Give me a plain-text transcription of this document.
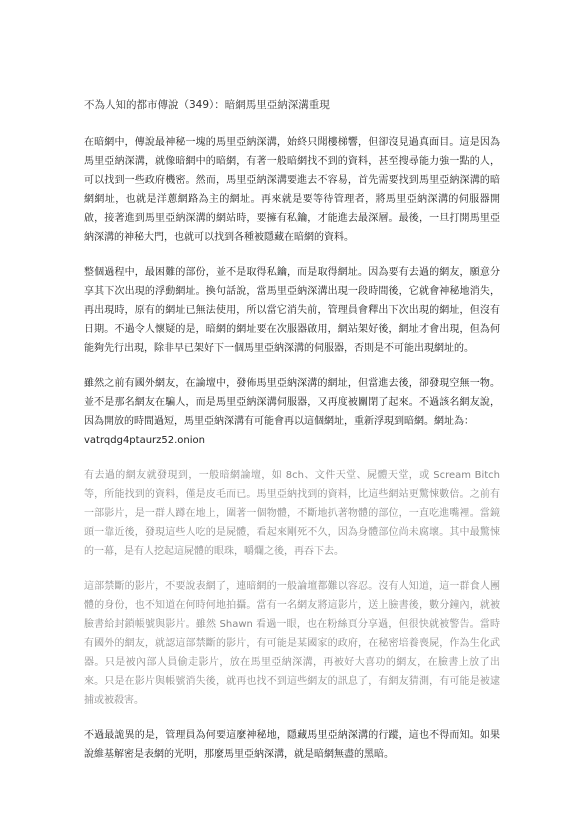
不為人知的都市傳說（349）：暗網馬里亞納深溝重現

在暗網中，傳說最神秘一塊的馬里亞納深溝，始終只聞樓梯響，但卻沒見過真面目。這是因為馬里亞納深溝，就像暗網中的暗網，有著一般暗網找不到的資料，甚至搜尋能力強一點的人，可以找到一些政府機密。然而，馬里亞納深溝要進去不容易，首先需要找到馬里亞納深溝的暗網網址，也就是洋蔥網路為主的網址。再來就是要等待管理者，將馬里亞納深溝的伺服器開啟，接著進到馬里亞納深溝的網站時，要擁有私鑰，才能進去最深層。最後，一旦打開馬里亞納深溝的神秘大門，也就可以找到各種被隱藏在暗網的資料。

整個過程中，最困難的部份，並不是取得私鑰，而是取得網址。因為要有去過的網友，願意分享其下次出現的浮動網址。換句話說，當馬里亞納深溝出現一段時間後，它就會神秘地消失，再出現時，原有的網址已無法使用，所以當它消失前，管理員會釋出下次出現的網址，但沒有日期。不過令人懷疑的是，暗網的網址要在次服器啟用，網站架好後，網址才會出現，但為何能夠先行出現，除非早已架好下一個馬里亞納深溝的伺服器，否則是不可能出現網址的。

雖然之前有國外網友，在論壇中，發佈馬里亞納深溝的網址，但當進去後，卻發現空無一物。並不是那名網友在騙人，而是馬里亞納深溝伺服器，又再度被關閉了起來。不過該名網友說，因為開放的時間過短，馬里亞納深溝有可能會再以這個網址，重新浮現到暗網。網址為：
vatrqdg4ptaurz52.onion

有去過的網友就發現到，一般暗網論壇，如 8ch、文件天堂、屍體天堂，或 Scream Bitch 等，所能找到的資料，僅是皮毛而已。馬里亞納找到的資料，比這些網站更驚悚數倍。之前有一部影片，是一群人蹲在地上，圍著一個物體，不斷地扒著物體的部位，一直吃進嘴裡。當鏡頭一靠近後，發現這些人吃的是屍體，看起來剛死不久，因為身體部位尚未腐壞。其中最驚悚的一幕，是有人挖起這屍體的眼珠，嚼爛之後，再吞下去。

這部禁斷的影片，不要說表網了，連暗網的一般論壇都難以容忍。沒有人知道，這一群食人團體的身份，也不知道在何時何地拍攝。當有一名網友將這影片，送上臉書後，數分鐘內，就被臉書給封鎖帳號與影片。雖然 Shawn 看過一眼，也在粉絲頁分享過，但很快就被警告。當時有國外的網友，就認這部禁斷的影片，有可能是某國家的政府，在秘密培養喪屍，作為生化武器。只是被內部人員偷走影片，放在馬里亞納深溝，再被好大喜功的網友，在臉書上放了出來。只是在影片與帳號消失後，就再也找不到這些網友的訊息了，有網友猜測，有可能是被逮捕或被殺害。

不過最詭異的是，管理員為何要這麼神秘地，隱藏馬里亞納深溝的行蹤，這也不得而知。如果說維基解密是表網的光明，那麼馬里亞納深溝，就是暗網無盡的黑暗。
